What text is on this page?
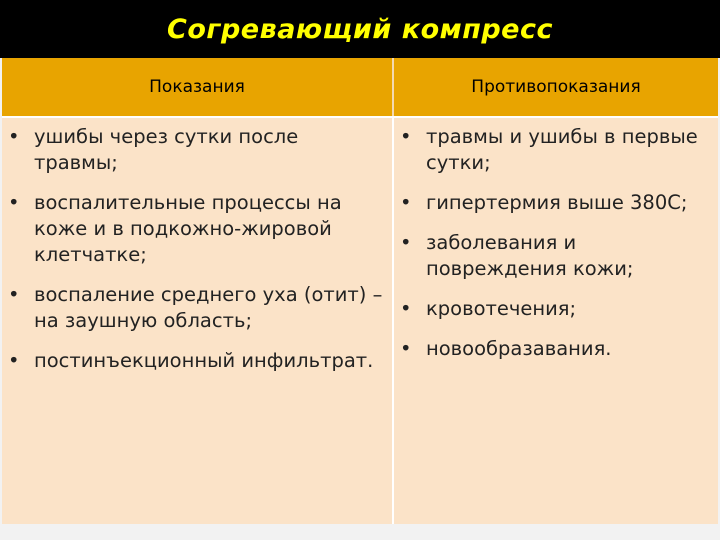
Согревающий компресс
Показания	Противопоказания
• ушибы через сутки после травмы;
• воспалительные процессы на коже и в подкожно-жировой клетчатке;
• воспаление среднего уха (отит) – на заушную область;
• постинъекционный инфильтрат.
• травмы и ушибы в первые сутки;
• гипертермия выше 380С;
• заболевания и повреждения кожи;
• кровотечения;
• новообразавания.
